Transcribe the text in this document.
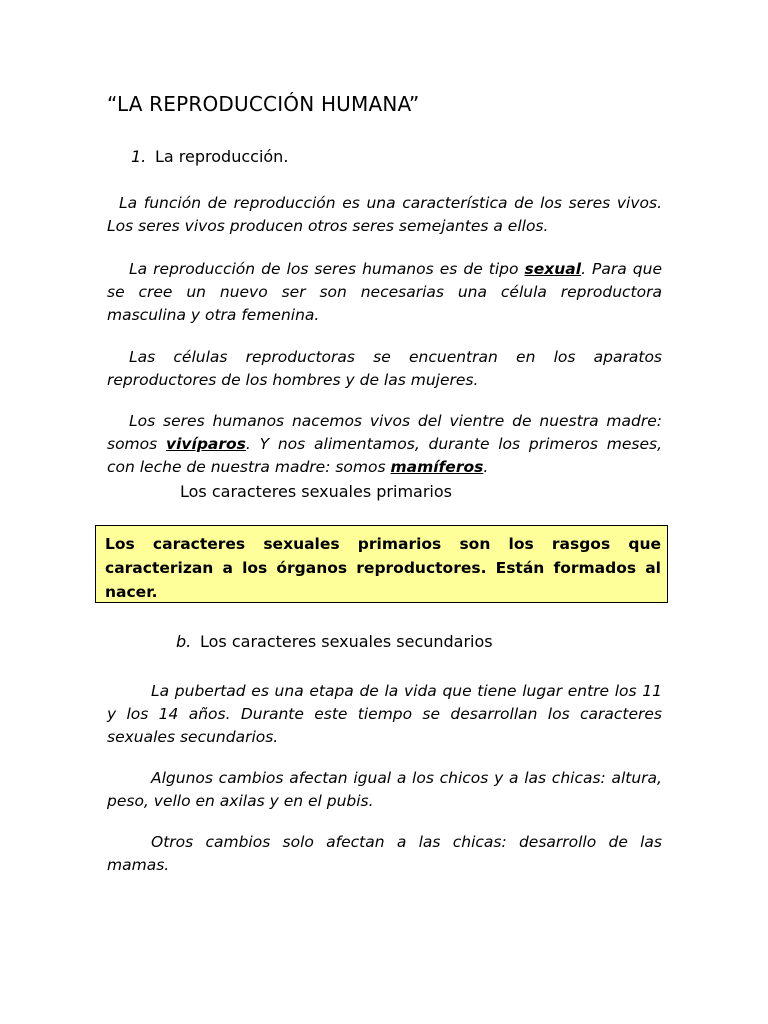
“LA REPRODUCCIÓN HUMANA”
1. La reproducción.

La función de reproducción es una característica de los seres vivos. Los seres vivos producen otros seres semejantes a ellos.

La reproducción de los seres humanos es de tipo sexual. Para que se cree un nuevo ser son necesarias una célula reproductora masculina y otra femenina.

Las células reproductoras se encuentran en los aparatos reproductores de los hombres y de las mujeres.

Los seres humanos nacemos vivos del vientre de nuestra madre: somos vivíparos. Y nos alimentamos, durante los primeros meses, con leche de nuestra madre: somos mamíferos.

Los caracteres sexuales primarios

Los caracteres sexuales primarios son los rasgos que caracterizan a los órganos reproductores. Están formados al nacer.

b. Los caracteres sexuales secundarios

La pubertad es una etapa de la vida que tiene lugar entre los 11 y los 14 años. Durante este tiempo se desarrollan los caracteres sexuales secundarios.

Algunos cambios afectan igual a los chicos y a las chicas: altura, peso, vello en axilas y en el pubis.

Otros cambios solo afectan a las chicas: desarrollo de las mamas.
